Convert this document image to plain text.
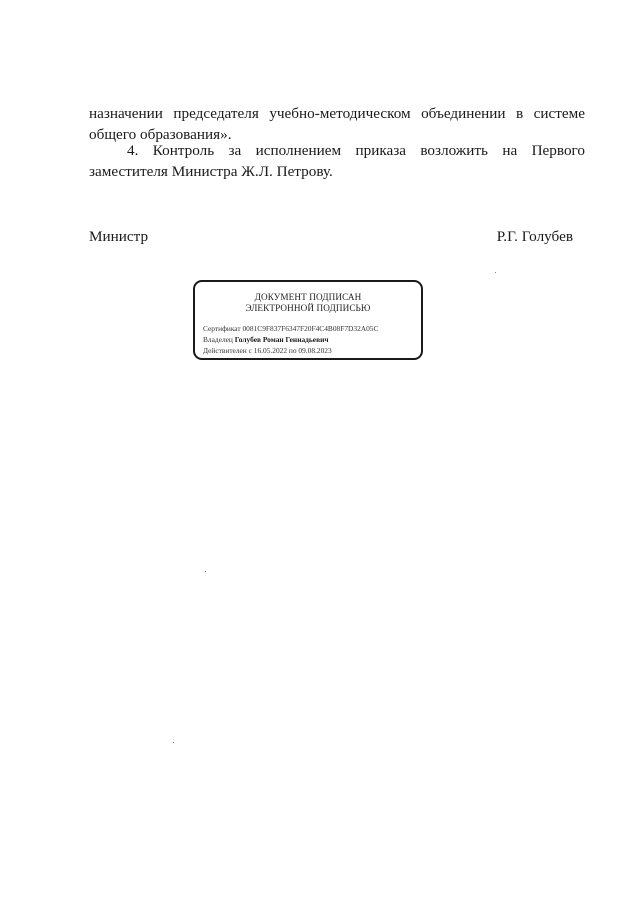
назначении председателя учебно-методическом объединении в системе общего образования».

4. Контроль за исполнением приказа возложить на Первого заместителя Министра Ж.Л. Петрову.

Министр	Р.Г. Голубев
ДОКУМЕНТ ПОДПИСАН
ЭЛЕКТРОННОЙ ПОДПИСЬЮ
Сертификат 0081C9F837F6347F20F4C4B08F7D32A05C
Владелец Голубев Роман Геннадьевич
Действителен с 16.05.2022 по 09.08.2023
